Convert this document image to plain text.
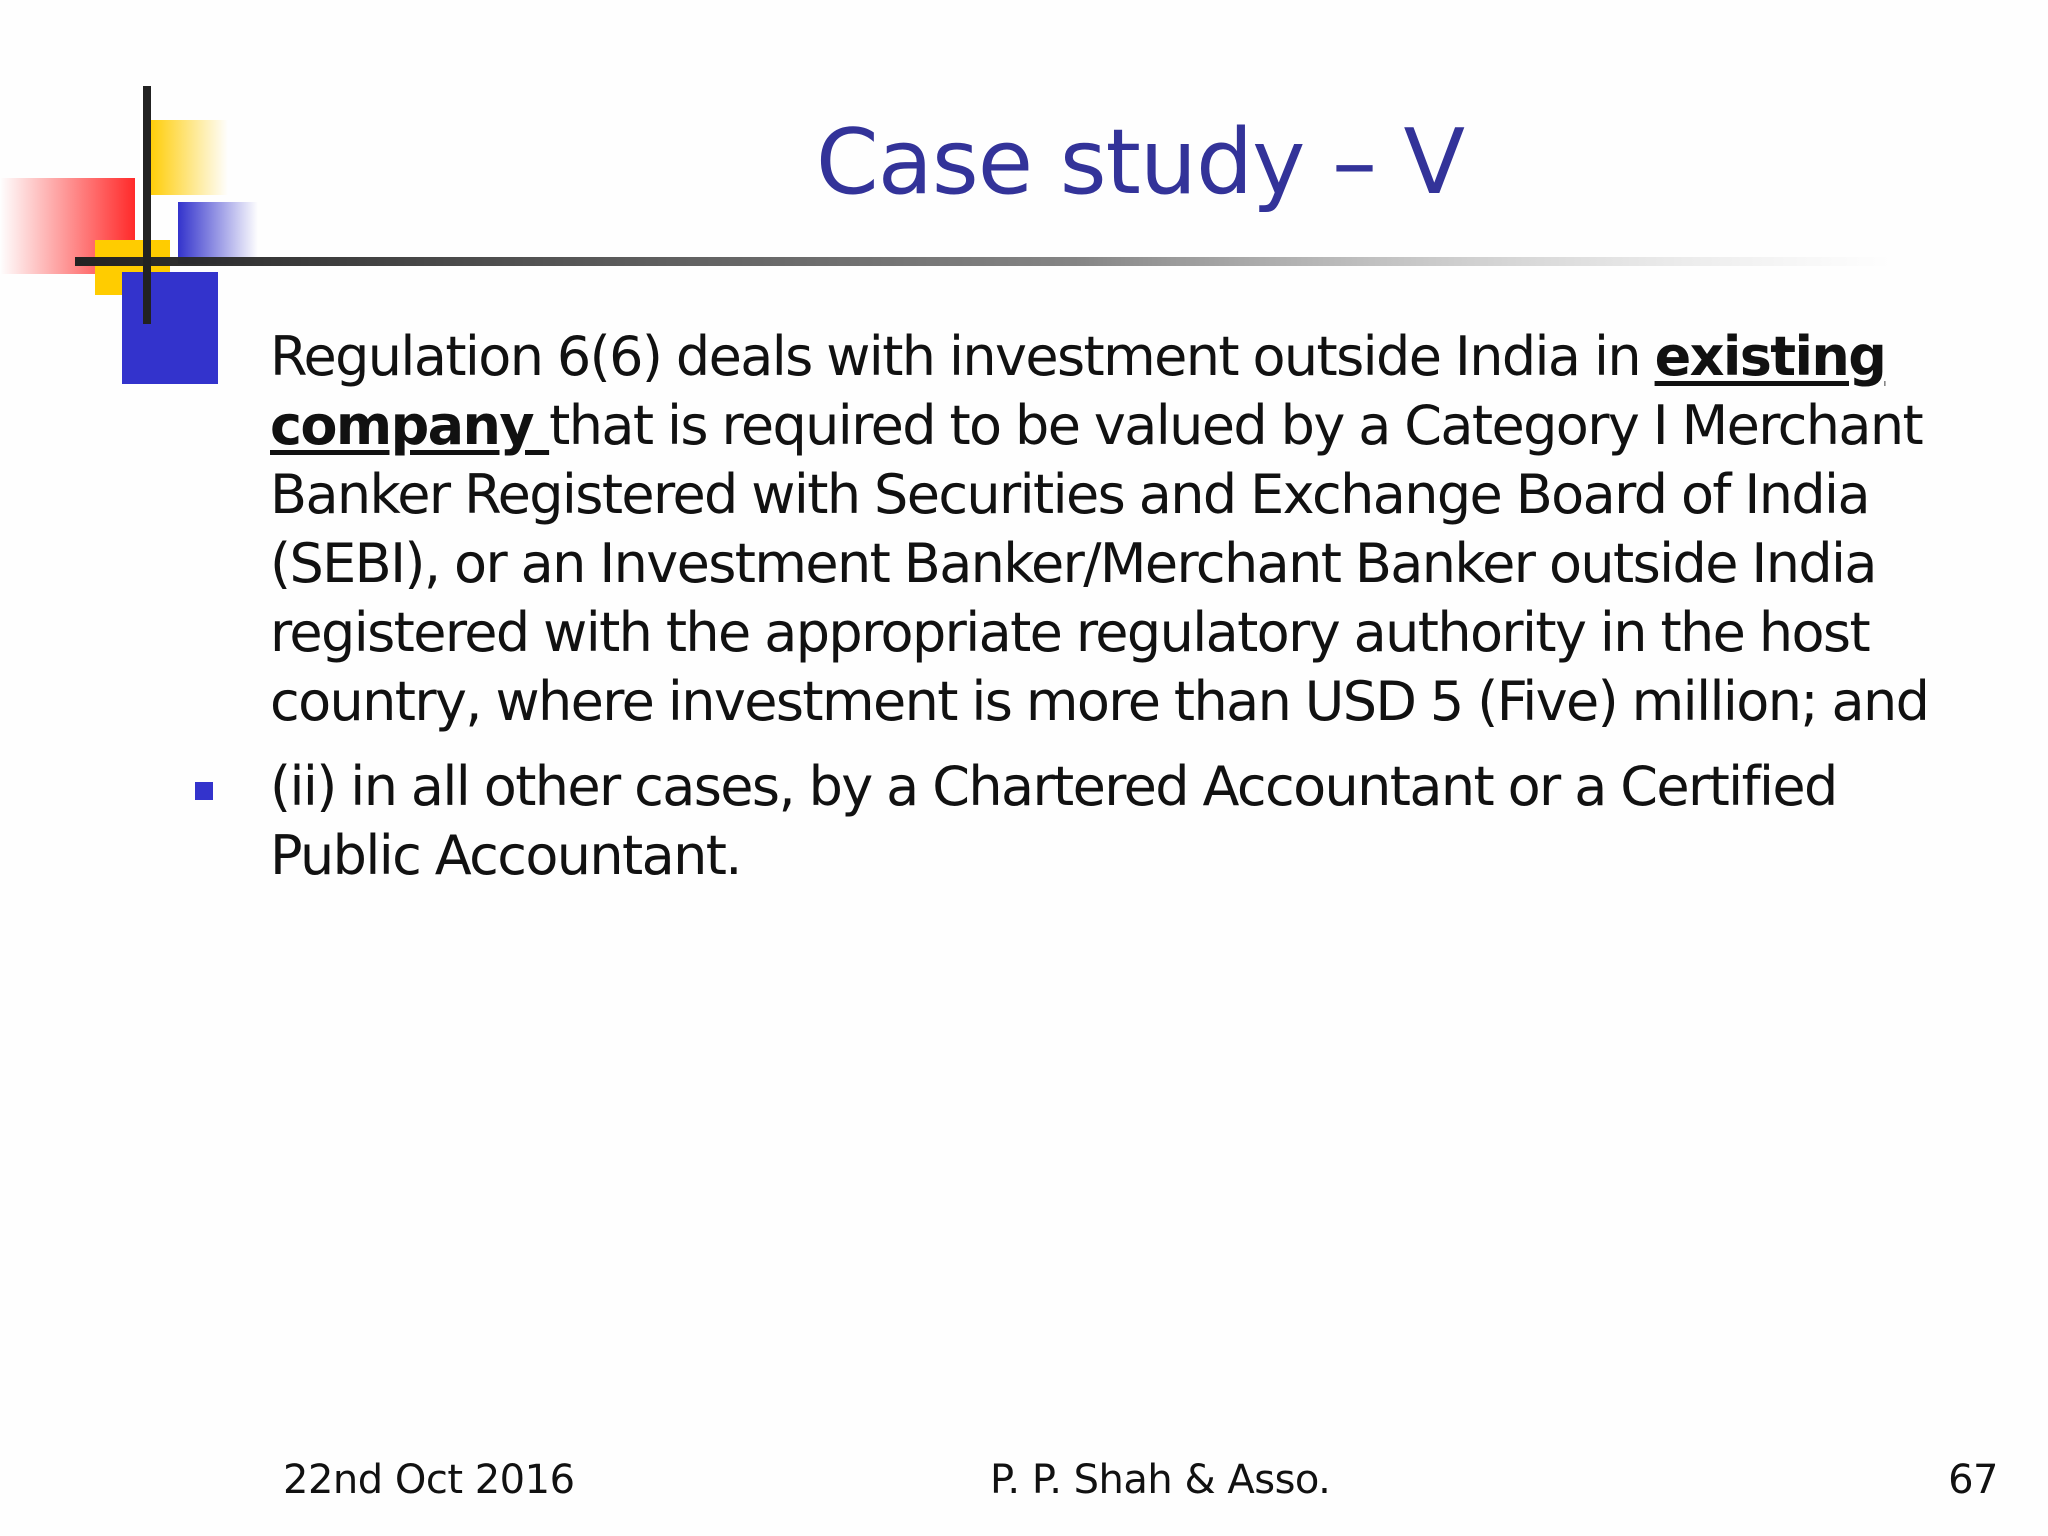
Case study – V
Regulation 6(6) deals with investment outside India in existing
company that is required to be valued by a Category I Merchant
Banker Registered with Securities and Exchange Board of India
(SEBI), or an Investment Banker/Merchant Banker outside India
registered with the appropriate regulatory authority in the host
country, where investment is more than USD 5 (Five) million; and
(ii) in all other cases, by a Chartered Accountant or a Certified
Public Accountant.
22nd Oct 2016	P. P. Shah & Asso.	67
